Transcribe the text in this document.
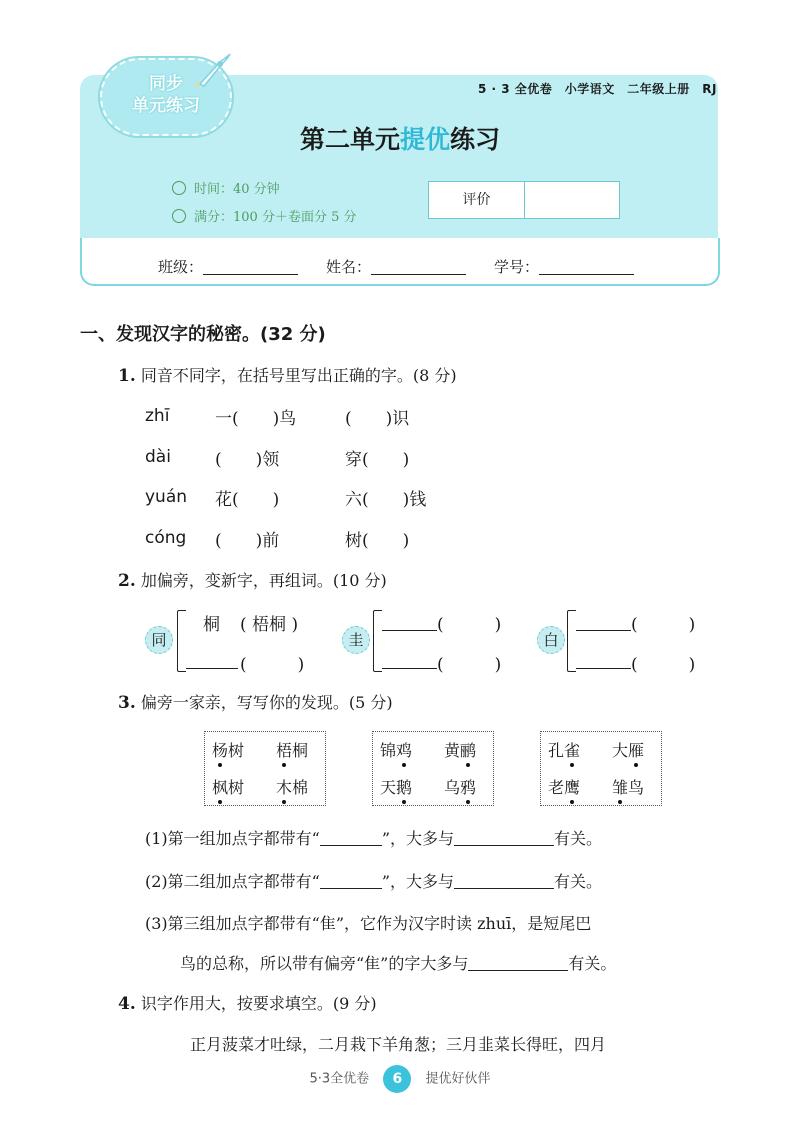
同步
单元练习
5 · 3 全优卷　小学语文　二年级上册　RJ
第二单元提优练习
时间：40 分钟
满分：100 分＋卷面分 5 分
评价
班级：	姓名：	学号：
一、发现汉字的秘密。(32 分)
1. 同音不同字，在括号里写出正确的字。(8 分)
zhī	一(　　)鸟	(　　)识
dài	(　　)领	穿(　　)
yuán 花(　　)	六(　　)钱
cóng (　　)前	树(　　)
2. 加偏旁，变新字，再组词。(10 分)
同
桐 ( 梧桐 )
(　　　)
圭
(　　　)
(　　　)
白
(　　　)
(　　　)
3. 偏旁一家亲，写写你的发现。(5 分)
杨树 梧桐
枫树 木棉
锦鸡 黄鹂
天鹅 乌鸦
孔雀 大雁
老鹰 雏鸟
(1)第一组加点字都带有“	”，大多与	有关。
(2)第二组加点字都带有“	”，大多与	有关。
(3)第三组加点字都带有“隹”，它作为汉字时读 zhuī，是短尾巴
鸟的总称，所以带有偏旁“隹”的字大多与	有关。
4. 识字作用大，按要求填空。(9 分)
正月菠菜才吐绿，二月栽下羊角葱；三月韭菜长得旺，四月
5·3全优卷 6 提优好伙伴
